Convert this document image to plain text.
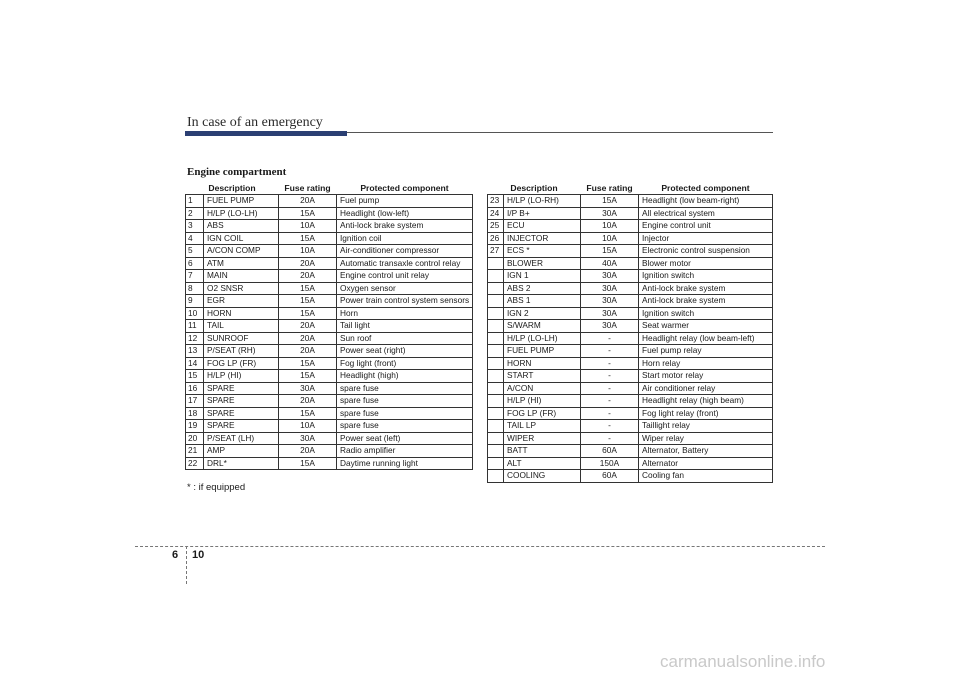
In case of an emergency
Engine compartment
Description		Fuse rating	Protected component
1	FUEL PUMP	20A	Fuel pump
2	H/LP (LO-LH)	15A	Headlight (low-left)
3	ABS	10A	Anti-lock brake system
4	IGN COIL	15A	Ignition coil
5	A/CON COMP	10A	Air-conditioner compressor
6	ATM	20A	Automatic transaxle control relay
7	MAIN	20A	Engine control unit relay
8	O2 SNSR	15A	Oxygen sensor
9	EGR	15A	Power train control system sensors
10	HORN	15A	Horn
11	TAIL	20A	Tail light
12	SUNROOF	20A	Sun roof
13	P/SEAT (RH)	20A	Power seat (right)
14	FOG LP (FR)	15A	Fog light (front)
15	H/LP (HI)	15A	Headlight (high)
16	SPARE	30A	spare fuse
17	SPARE	20A	spare fuse
18	SPARE	15A	spare fuse
19	SPARE	10A	spare fuse
20	P/SEAT (LH)	30A	Power seat (left)
21	AMP	20A	Radio amplifier
22	DRL*	15A	Daytime running light
Description		Fuse rating	Protected component
23	H/LP (LO-RH)	15A	Headlight (low beam-right)
24	I/P B+	30A	All electrical system
25	ECU	10A	Engine control unit
26	INJECTOR	10A	Injector
27	ECS *	15A	Electronic control suspension
	BLOWER	40A	Blower motor
	IGN 1	30A	Ignition switch
	ABS 2	30A	Anti-lock brake system
	ABS 1	30A	Anti-lock brake system
	IGN 2	30A	Ignition switch
	S/WARM	30A	Seat warmer
	H/LP (LO-LH)	-	Headlight relay (low beam-left)
	FUEL PUMP	-	Fuel pump relay
	HORN	-	Horn relay
	START	-	Start motor relay
	A/CON	-	Air conditioner relay
	H/LP (HI)	-	Headlight relay (high beam)
	FOG LP (FR)	-	Fog light relay (front)
	TAIL LP	-	Taillight relay
	WIPER	-	Wiper relay
	BATT	60A	Alternator, Battery
	ALT	150A	Alternator
	COOLING	60A	Cooling fan
* : if equipped
6 10
carmanualsonline.info
